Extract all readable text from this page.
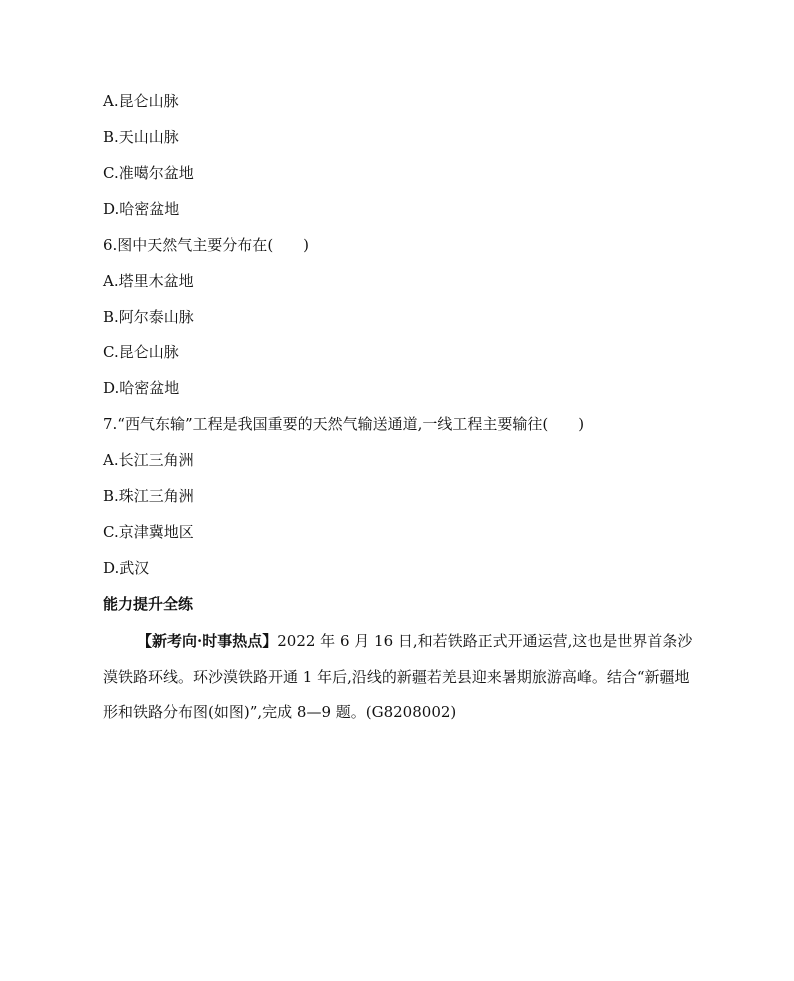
A.昆仑山脉
B.天山山脉
C.准噶尔盆地
D.哈密盆地
6.图中天然气主要分布在(　　)
A.塔里木盆地
B.阿尔泰山脉
C.昆仑山脉
D.哈密盆地
7.“西气东输”工程是我国重要的天然气输送通道,一线工程主要输往(　　)
A.长江三角洲
B.珠江三角洲
C.京津冀地区
D.武汉
能力提升全练
【新考向·时事热点】2022 年 6 月 16 日,和若铁路正式开通运营,这也是世界首条沙漠铁路环线。环沙漠铁路开通 1 年后,沿线的新疆若羌县迎来暑期旅游高峰。结合“新疆地形和铁路分布图(如图)”,完成 8—9 题。(G8208002)
